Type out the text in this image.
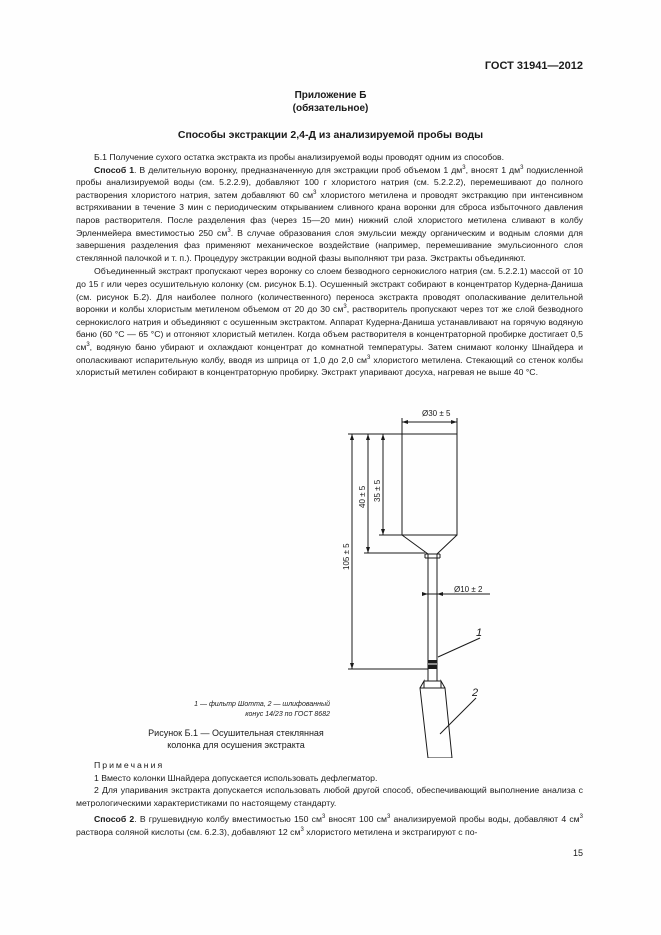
ГОСТ 31941—2012
Приложение Б
(обязательное)
Способы экстракции 2,4-Д из анализируемой пробы воды

Б.1 Получение сухого остатка экстракта из пробы анализируемой воды проводят одним из способов.

Способ 1. В делительную воронку, предназначенную для экстракции проб объемом 1 $дм^3$, вносят 1 $дм^3$ подкисленной пробы анализируемой воды (см. 5.2.2.9), добавляют 100 г хлористого натрия (см. 5.2.2.2), перемешивают до полного растворения хлористого натрия, затем добавляют 60 $см^3$ хлористого метилена и проводят экстракцию при интенсивном встряхивании в течение 3 мин с периодическим открыванием сливного крана воронки для сброса избыточного давления паров растворителя. После разделения фаз (через 15—20 мин) нижний слой хлористого метилена сливают в колбу Эрленмейера вместимостью 250 $см^3$. В случае образования слоя эмульсии между органическим и водным слоями для завершения разделения фаз применяют механическое воздействие (например, перемешивание эмульсионного слоя стеклянной палочкой и т. п.). Процедуру экстракции водной фазы выполняют три раза. Экстракты объединяют.

Объединенный экстракт пропускают через воронку со слоем безводного сернокислого натрия (см. 5.2.2.1) массой от 10 до 15 г или через осушительную колонку (см. рисунок Б.1). Осушенный экстракт собирают в концентратор Кудерна-Даниша (см. рисунок Б.2). Для наиболее полного (количественного) переноса экстракта проводят ополаскивание делительной воронки и колбы хлористым метиленом объемом от 20 до 30 $см^3$, растворитель пропускают через тот же слой безводного сернокислого натрия и объединяют с осушенным экстрактом. Аппарат Кудерна-Даниша устанавливают на горячую водяную баню (60 °С — 65 °С) и отгоняют хлористый метилен. Когда объем растворителя в концентраторной пробирке достигает 0,5 $см^3$, водяную баню убирают и охлаждают концентрат до комнатной температуры. Затем снимают колонку Шнайдера и ополаскивают испарительную колбу, вводя из шприца от 1,0 до 2,0 $см^3$ хлористого метилена. Стекающий со стенок колбы хлористый метилен собирают в концентраторную пробирку. Экстракт упаривают досуха, нагревая не выше 40 °С.

Ø30 ± 5
Ø10 ± 2
35 ± 5
40 ± 5
105 ± 5
1
2
1 — фильтр Шотта, 2 — шлифованный
конус 14/23 по ГОСТ 8682
Рисунок Б.1 — Осушительная стеклянная
колонка для осушения экстракта

Примечания

1 Вместо колонки Шнайдера допускается использовать дефлегматор.

2 Для упаривания экстракта допускается использовать любой другой способ, обеспечивающий выполнение анализа с метрологическими характеристиками по настоящему стандарту.

Способ 2. В грушевидную колбу вместимостью 150 $см^3$ вносят 100 $см^3$ анализируемой пробы воды, добавляют 4 $см^3$ раствора соляной кислоты (см. 6.2.3), добавляют 12 $см^3$ хлористого метилена и экстрагируют с по-

15
